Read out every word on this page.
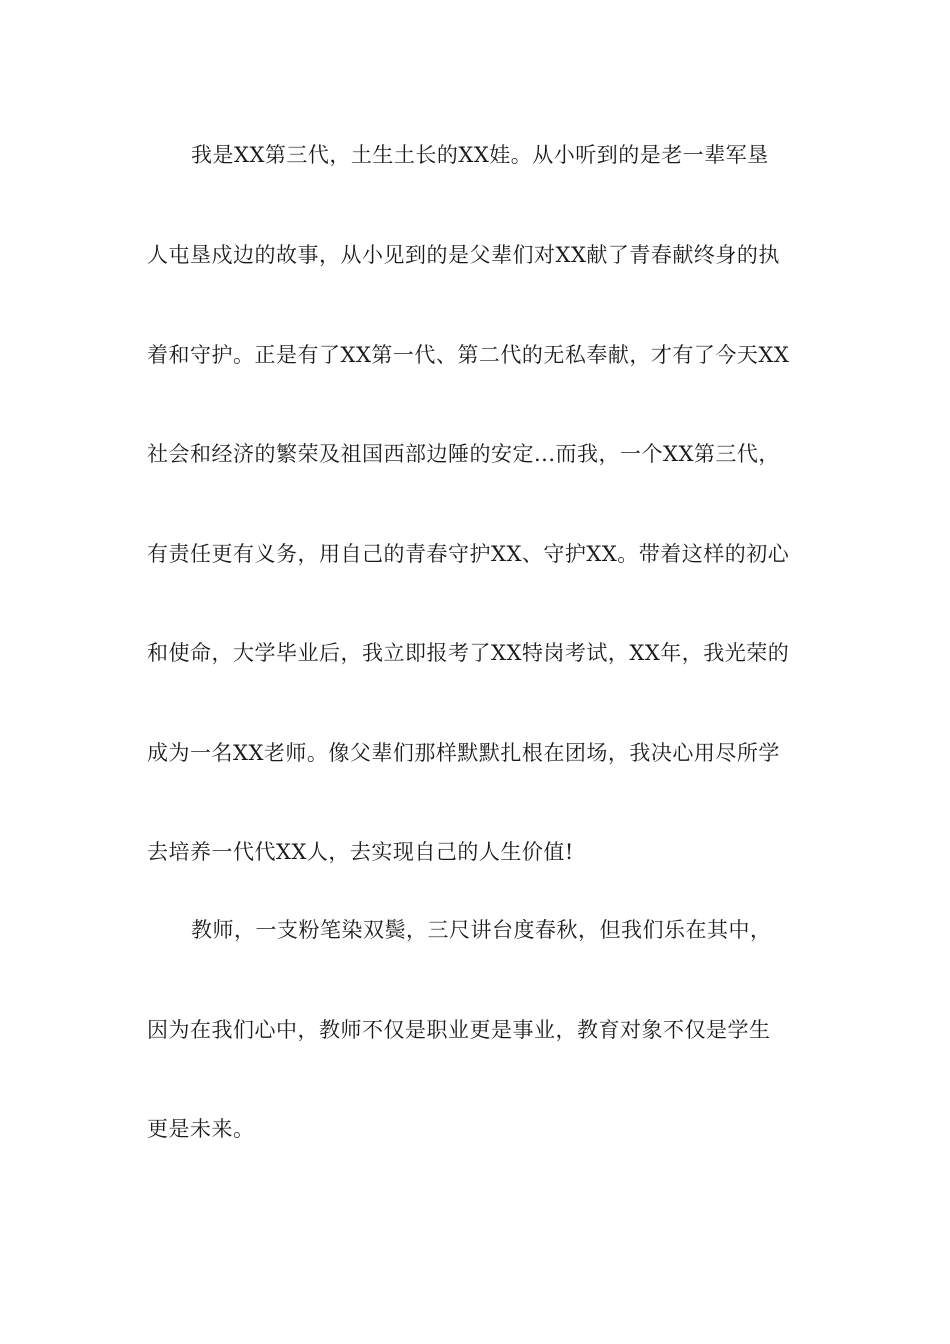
我是XX第三代，土生土长的XX娃。从小听到的是老一辈军垦
人屯垦戍边的故事，从小见到的是父辈们对XX献了青春献终身的执
着和守护。正是有了XX第一代、第二代的无私奉献，才有了今天XX
社会和经济的繁荣及祖国西部边陲的安定...而我，一个XX第三代，
有责任更有义务，用自己的青春守护XX、守护XX。带着这样的初心
和使命，大学毕业后，我立即报考了XX特岗考试，XX年，我光荣的
成为一名XX老师。像父辈们那样默默扎根在团场，我决心用尽所学
去培养一代代XX人，去实现自己的人生价值!
教师，一支粉笔染双鬓，三尺讲台度春秋，但我们乐在其中，
因为在我们心中，教师不仅是职业更是事业，教育对象不仅是学生
更是未来。
